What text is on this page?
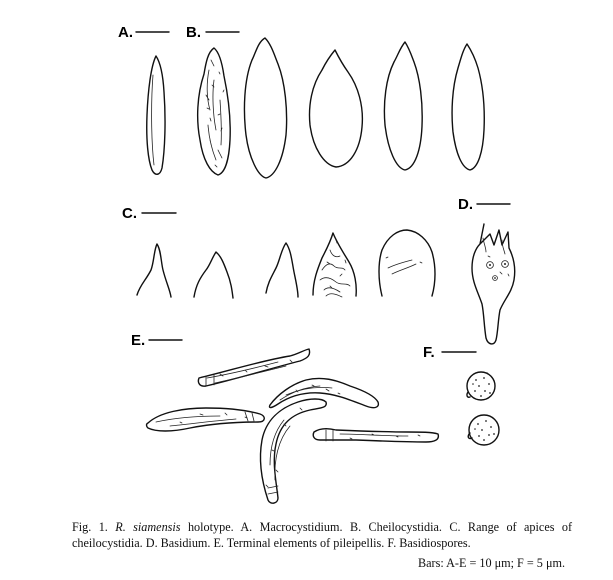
A.	B.
C.
D.
E.
F.
Fig. 1. R. siamensis holotype. A. Macrocystidium. B. Cheilocystidia. C. Range of apices of cheilocystidia. D. Basidium. E. Terminal elements of pileipellis. F. Basidiospores.
Bars: A-E = 10 μm; F = 5 μm.
